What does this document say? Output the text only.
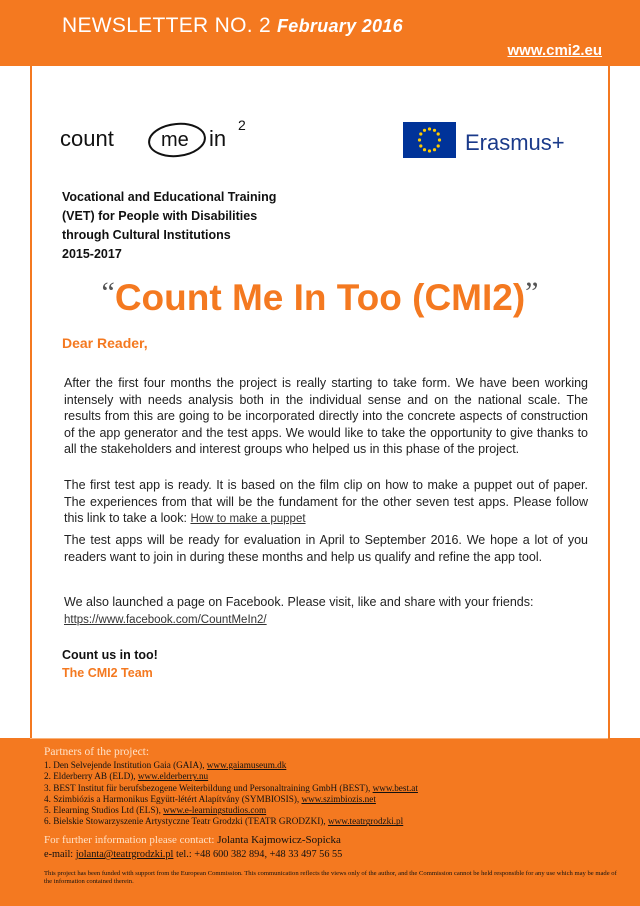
NEWSLETTER NO. 2 February 2016
www.cmi2.eu
count me in
2
Erasmus+
Vocational and Educational Training
(VET) for People with Disabilities
through Cultural Institutions
2015-2017
“Count Me In Too (CMI2)”
Dear Reader,
After the first four months the project is really starting to take form. We have been working intensely with needs analysis both in the individual sense and on the national scale. The results from this are going to be incorporated directly into the concrete aspects of construction of the app generator and the test apps. We would like to take the opportunity to give thanks to all the stakeholders and interest groups who helped us in this phase of the project.
The first test app is ready. It is based on the film clip on how to make a puppet out of paper. The experiences from that will be the fundament for the other seven test apps. Please follow this link to take a look: How to make a puppet
The test apps will be ready for evaluation in April to September 2016. We hope a lot of you readers want to join in during these months and help us qualify and refine the app tool.
We also launched a page on Facebook. Please visit, like and share with your friends:
https://www.facebook.com/CountMeIn2/
Count us in too!
The CMI2 Team
Partners of the project:
1. Den Selvejende Institution Gaia (GAIA), www.gaiamuseum.dk
2. Elderberry AB (ELD), www.elderberry.nu
3. BEST Institut für berufsbezogene Weiterbildung und Personaltraining GmbH (BEST), www.best.at
4. Szimbiózis a Harmonikus Együtt-létért Alapítvány (SYMBIOSIS), www.szimbiozis.net
5. Elearning Studios Ltd (ELS), www.e-learningstudios.com
6. Bielskie Stowarzyszenie Artystyczne Teatr Grodzki (TEATR GRODZKI), www.teatrgrodzki.pl
For further information please contact: Jolanta Kajmowicz-Sopicka
e-mail: jolanta@teatrgrodzki.pl tel.: +48 600 382 894, +48 33 497 56 55
This project has been funded with support from the European Commission. This communication reflects the views only of the author, and the Commission cannot be held responsible for any use which may be made of the information contained therein.
